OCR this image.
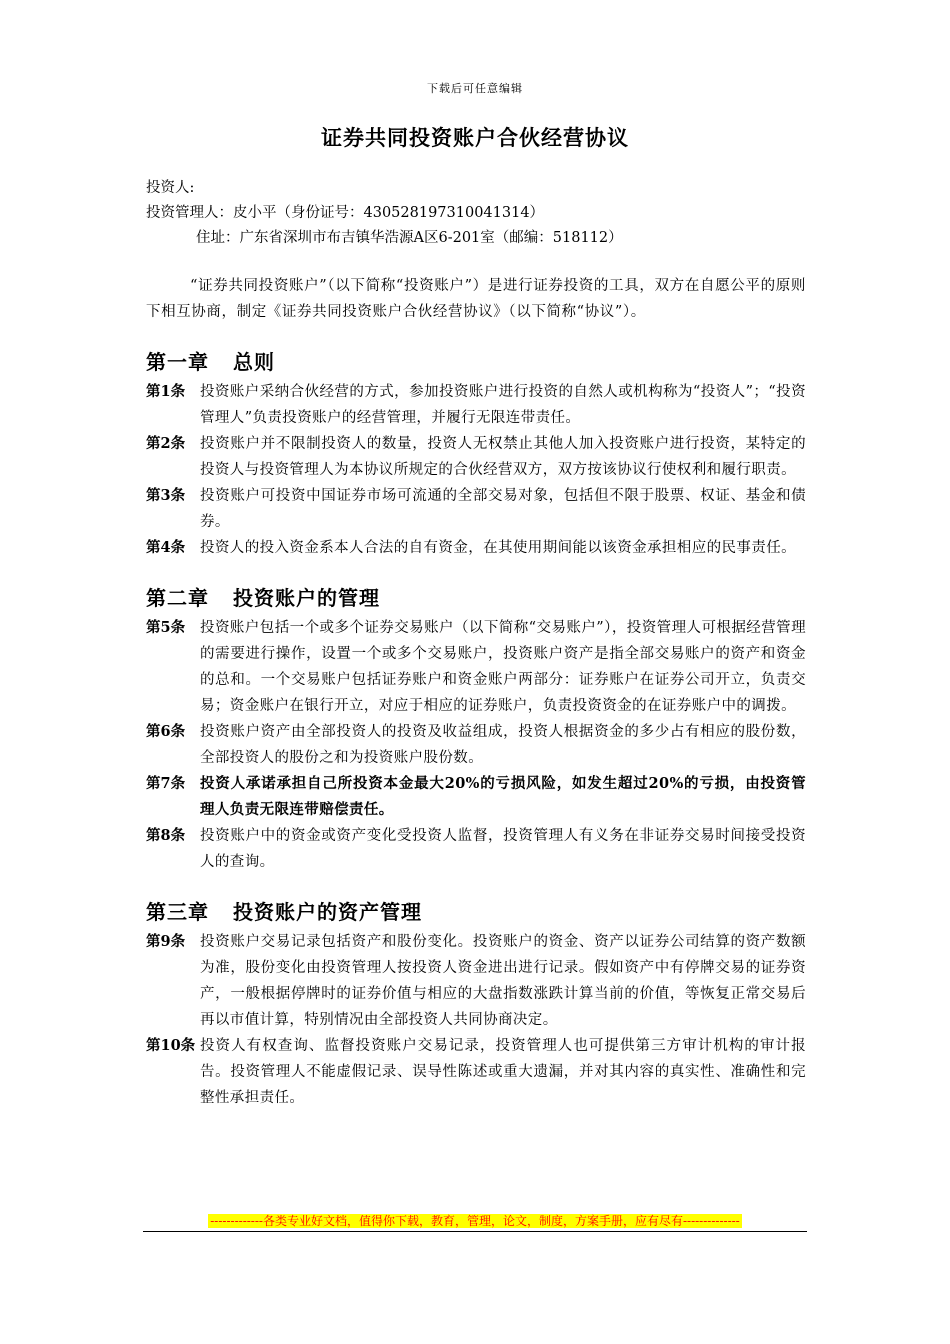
下载后可任意编辑
证券共同投资账户合伙经营协议
投资人:
投资管理人：皮小平（身份证号：430528197310041314）
住址：广东省深圳市布吉镇华浩源A区6-201室（邮编：518112）
“证券共同投资账户”（以下简称“投资账户”）是进行证券投资的工具，双方在自愿公平的原则下相互协商，制定《证券共同投资账户合伙经营协议》（以下简称“协议”）。
第一章 总则
第1条	投资账户采纳合伙经营的方式，参加投资账户进行投资的自然人或机构称为“投资人”；“投资管理人”负责投资账户的经营管理，并履行无限连带责任。
第2条	投资账户并不限制投资人的数量，投资人无权禁止其他人加入投资账户进行投资，某特定的投资人与投资管理人为本协议所规定的合伙经营双方，双方按该协议行使权利和履行职责。
第3条	投资账户可投资中国证券市场可流通的全部交易对象，包括但不限于股票、权证、基金和债券。
第4条	投资人的投入资金系本人合法的自有资金，在其使用期间能以该资金承担相应的民事责任。
第二章 投资账户的管理
第5条	投资账户包括一个或多个证券交易账户（以下简称“交易账户”），投资管理人可根据经营管理的需要进行操作，设置一个或多个交易账户，投资账户资产是指全部交易账户的资产和资金的总和。一个交易账户包括证券账户和资金账户两部分：证券账户在证券公司开立，负责交易；资金账户在银行开立，对应于相应的证券账户，负责投资资金的在证券账户中的调拨。
第6条	投资账户资产由全部投资人的投资及收益组成，投资人根据资金的多少占有相应的股份数，全部投资人的股份之和为投资账户股份数。
第7条	投资人承诺承担自己所投资本金最大20%的亏损风险，如发生超过20%的亏损，由投资管理人负责无限连带赔偿责任。
第8条	投资账户中的资金或资产变化受投资人监督，投资管理人有义务在非证券交易时间接受投资人的查询。
第三章 投资账户的资产管理
第9条	投资账户交易记录包括资产和股份变化。投资账户的资金、资产以证券公司结算的资产数额为准，股份变化由投资管理人按投资人资金进出进行记录。假如资产中有停牌交易的证券资产，一般根据停牌时的证券价值与相应的大盘指数涨跌计算当前的价值，等恢复正常交易后再以市值计算，特别情况由全部投资人共同协商决定。
第10条 投资人有权查询、监督投资账户交易记录，投资管理人也可提供第三方审计机构的审计报告。投资管理人不能虚假记录、误导性陈述或重大遗漏，并对其内容的真实性、准确性和完整性承担责任。
-------------各类专业好文档，值得你下载，教育，管理，论文，制度，方案手册，应有尽有--------------
